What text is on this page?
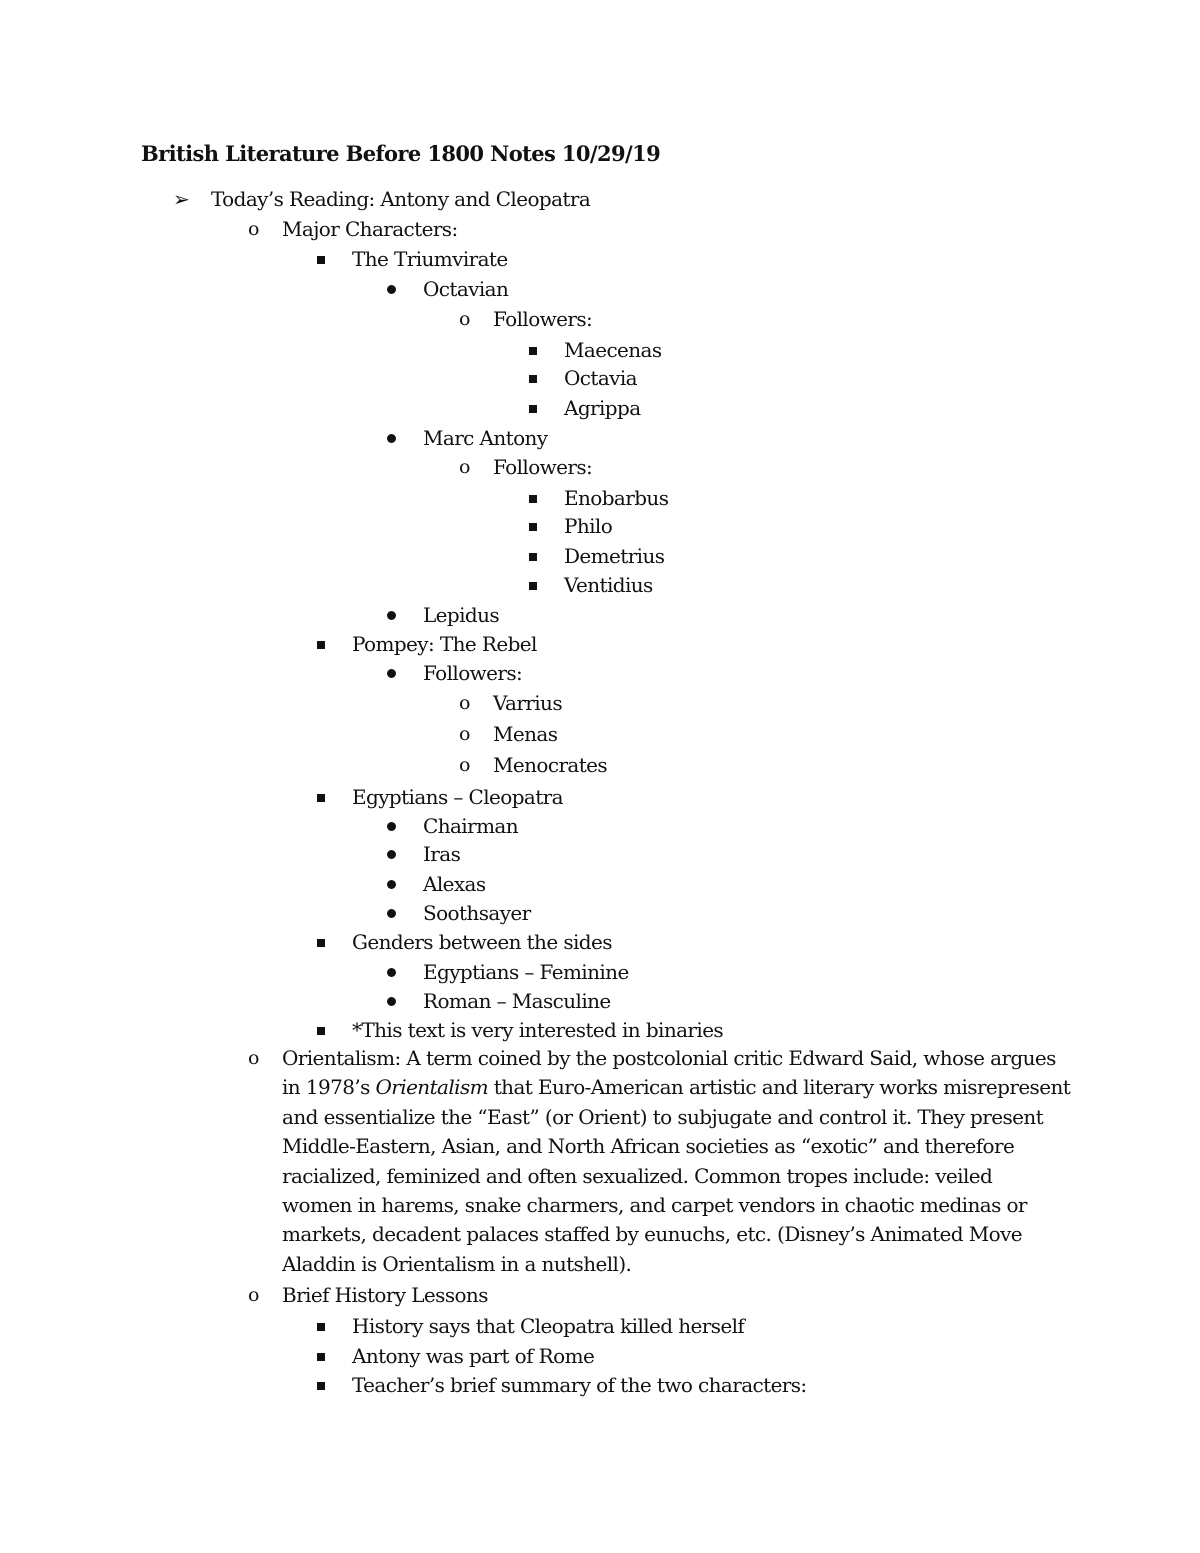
British Literature Before 1800 Notes 10/29/19
➢ Today’s Reading: Antony and Cleopatra
o Major Characters:
The Triumvirate
Octavian
o Followers:
Maecenas
Octavia
Agrippa
Marc Antony
o Followers:
Enobarbus
Philo
Demetrius
Ventidius
Lepidus
Pompey: The Rebel
Followers:
o Varrius
o Menas
o Menocrates
Egyptians – Cleopatra
Chairman
Iras
Alexas
Soothsayer
Genders between the sides
Egyptians – Feminine
Roman – Masculine
*This text is very interested in binaries
o Orientalism: A term coined by the postcolonial critic Edward Said, whose argues
in 1978’s Orientalism that Euro-American artistic and literary works misrepresent
and essentialize the “East” (or Orient) to subjugate and control it. They present
Middle-Eastern, Asian, and North African societies as “exotic” and therefore
racialized, feminized and often sexualized. Common tropes include: veiled
women in harems, snake charmers, and carpet vendors in chaotic medinas or
markets, decadent palaces staffed by eunuchs, etc. (Disney’s Animated Move
Aladdin is Orientalism in a nutshell).

o Brief History Lessons
History says that Cleopatra killed herself
Antony was part of Rome
Teacher’s brief summary of the two characters:
